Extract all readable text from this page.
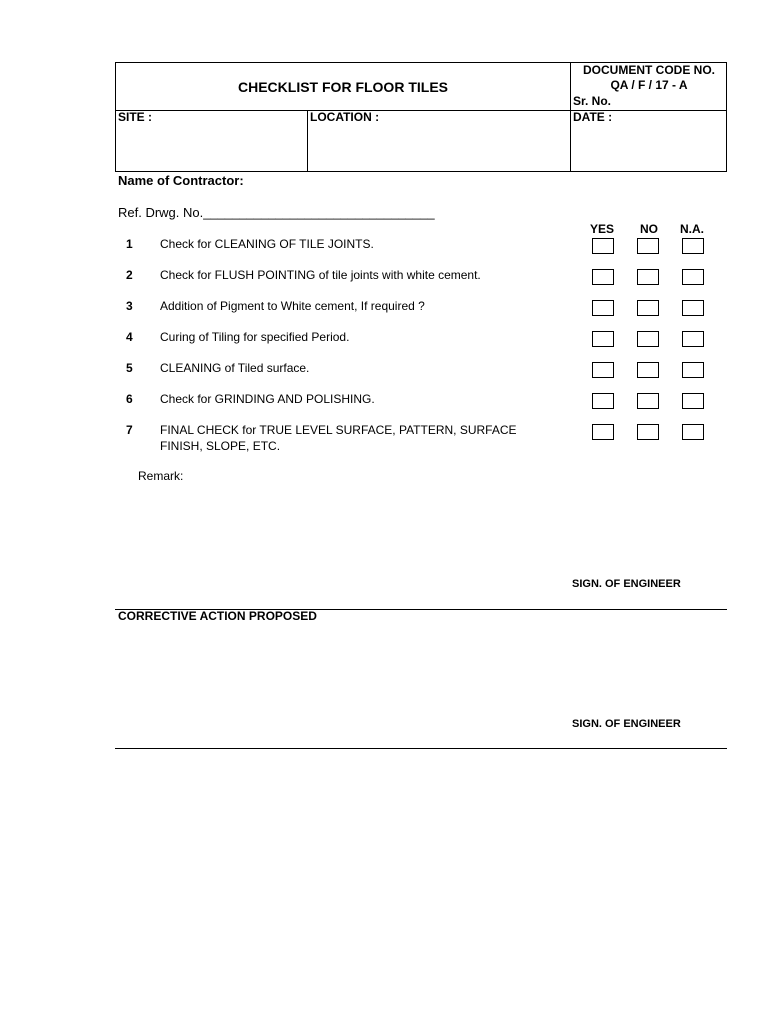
CHECKLIST FOR FLOOR TILES
DOCUMENT CODE NO.
QA / F / 17 - A
Sr. No.
SITE :	LOCATION :	DATE :
Name of Contractor:
Ref. Drwg. No.________________________________
YES NO N.A.
1 Check for CLEANING OF TILE JOINTS.
2 Check for FLUSH POINTING of tile joints with white cement.
3 Addition of Pigment to White cement, If required ?
4 Curing of Tiling for specified Period.
5 CLEANING of Tiled surface.
6 Check for GRINDING AND POLISHING.
7 FINAL CHECK for TRUE LEVEL SURFACE, PATTERN, SURFACE FINISH, SLOPE, ETC.
Remark:
SIGN. OF ENGINEER
CORRECTIVE ACTION PROPOSED
SIGN. OF ENGINEER
